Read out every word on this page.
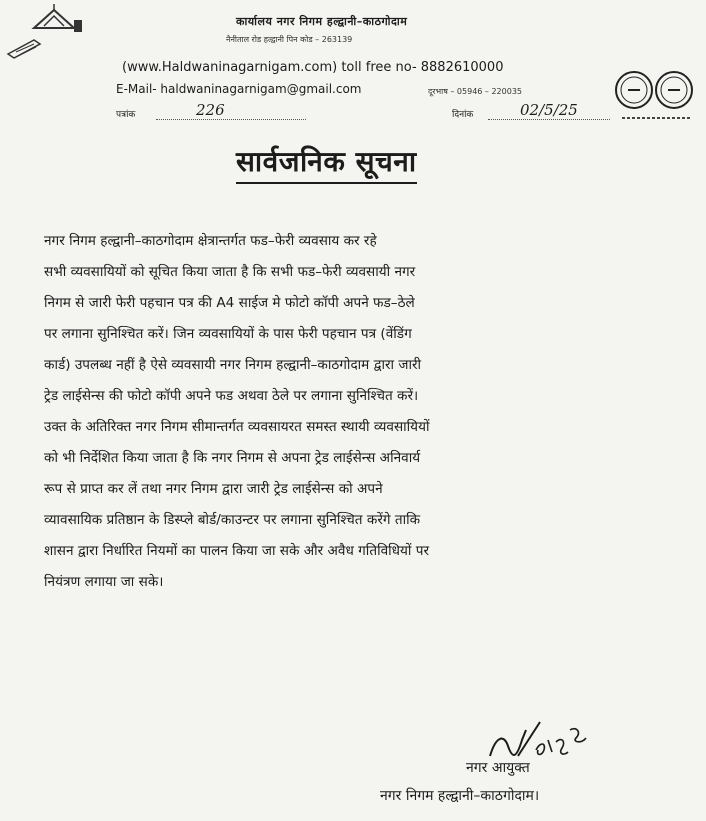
कार्यालय नगर निगम हल्द्वानी–काठगोदाम
नैनीताल रोड हल्द्वानी पिन कोड – 263139
(www.Haldwaninagarnigam.com) toll free no- 8882610000
E-Mail- haldwaninagarnigam@gmail.com	दूरभाष – 05946 – 220035
पत्रांक	226	दिनांक	02/5/25
सार्वजनिक सूचना
नगर निगम हल्द्वानी–काठगोदाम क्षेत्रान्तर्गत फड–फेरी व्यवसाय कर रहे
सभी व्यवसायियों को सूचित किया जाता है कि सभी फड–फेरी व्यवसायी नगर
निगम से जारी फेरी पहचान पत्र की A4 साईज मे फोटो कॉपी अपने फड–ठेले
पर लगाना सुनिश्चित करें। जिन व्यवसायियों के पास फेरी पहचान पत्र (वेंडिंग
कार्ड) उपलब्ध नहीं है ऐसे व्यवसायी नगर निगम हल्द्वानी–काठगोदाम द्वारा जारी
ट्रेड लाईसेन्स की फोटो कॉपी अपने फड अथवा ठेले पर लगाना सुनिश्चित करें।
उक्त के अतिरिक्त नगर निगम सीमान्तर्गत व्यवसायरत समस्त स्थायी व्यवसायियों
को भी निर्देशित किया जाता है कि नगर निगम से अपना ट्रेड लाईसेन्स अनिवार्य
रूप से प्राप्त कर लें तथा नगर निगम द्वारा जारी ट्रेड लाईसेन्स को अपने
व्यावसायिक प्रतिष्ठान के डिस्प्ले बोर्ड/काउन्टर पर लगाना सुनिश्चित करेंगे ताकि
शासन द्वारा निर्धारित नियमों का पालन किया जा सके और अवैध गतिविधियों पर
नियंत्रण लगाया जा सके।
नगर आयुक्त
नगर निगम हल्द्वानी–काठगोदाम।
